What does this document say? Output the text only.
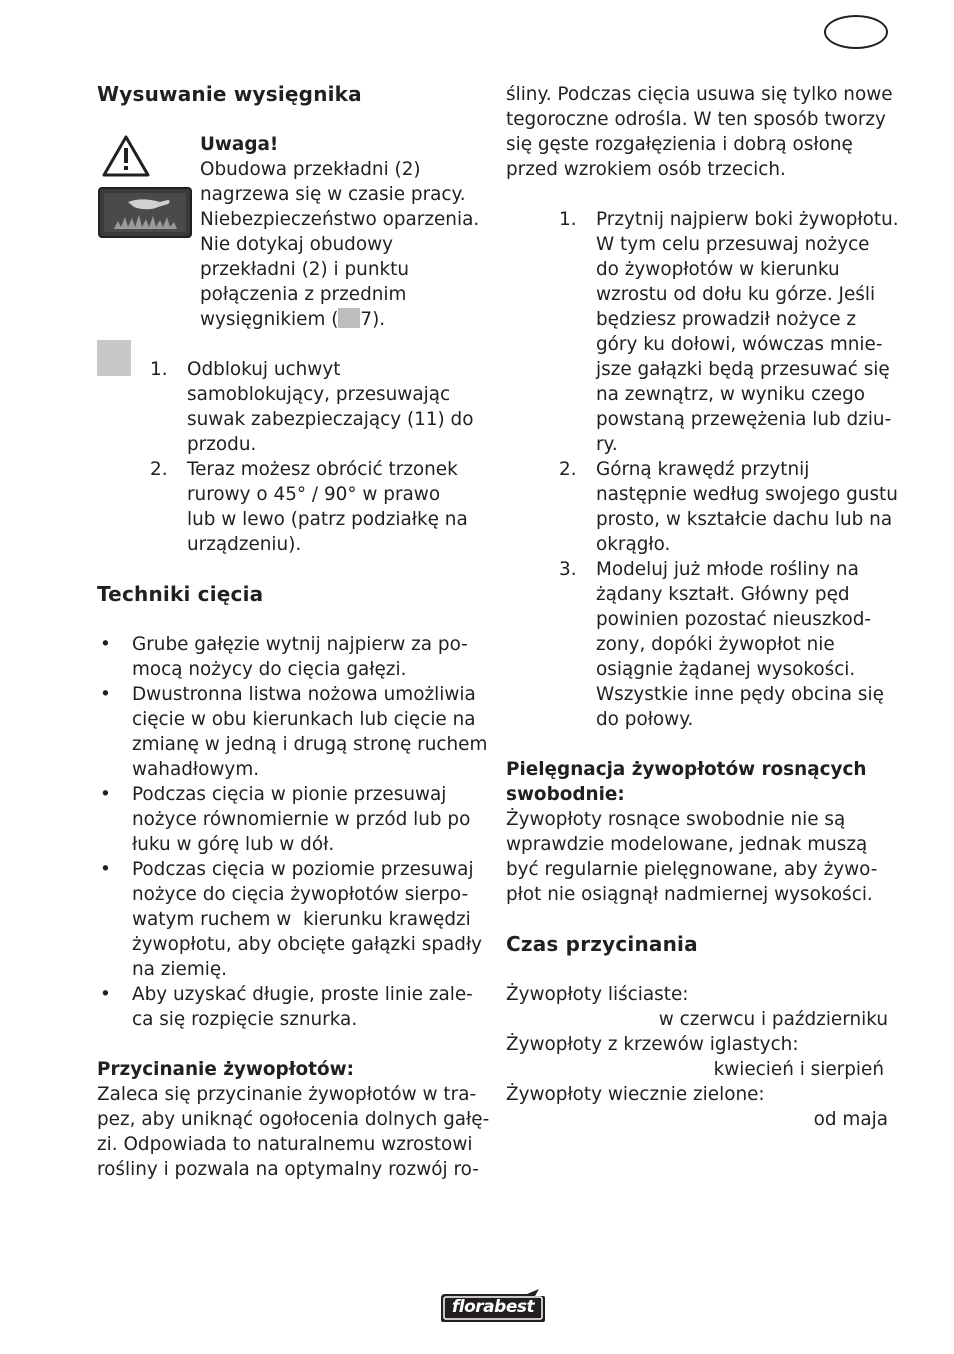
Wysuwanie wysięgnika
Uwaga!
Obudowa przekładni (2)
nagrzewa się w czasie pracy.
Niebezpieczeństwo oparzenia.
Nie dotykaj obudowy
przekładni (2) i punktu
połączenia z przednim
wysięgnikiem ( 7).
1. Odblokuj uchwyt
samoblokujący, przesuwając
suwak zabezpieczający (11) do
przodu.
2. Teraz możesz obrócić trzonek
rurowy o 45° / 90° w prawo
lub w lewo (patrz podziałkę na
urządzeniu).
Techniki cięcia
• Grube gałęzie wytnij najpierw za po-
mocą nożycy do cięcia gałęzi.
• Dwustronna listwa nożowa umożliwia
cięcie w obu kierunkach lub cięcie na
zmianę w jedną i drugą stronę ruchem
wahadłowym.
• Podczas cięcia w pionie przesuwaj
nożyce równomiernie w przód lub po
łuku w górę lub w dół.
• Podczas cięcia w poziomie przesuwaj
nożyce do cięcia żywopłotów sierpo-
watym ruchem w  kierunku krawędzi
żywopłotu, aby obcięte gałązki spadły
na ziemię.
• Aby uzyskać długie, proste linie zale-
ca się rozpięcie sznurka.
Przycinanie żywopłotów:
Zaleca się przycinanie żywopłotów w tra-
pez, aby uniknąć ogołocenia dolnych gałę-
zi. Odpowiada to naturalnemu wzrostowi
rośliny i pozwala na optymalny rozwój ro-
śliny. Podczas cięcia usuwa się tylko nowe
tegoroczne odrośla. W ten sposób tworzy
się gęste rozgałęzienia i dobrą osłonę
przed wzrokiem osób trzecich.
1. Przytnij najpierw boki żywopłotu.
W tym celu przesuwaj nożyce
do żywopłotów w kierunku
wzrostu od dołu ku górze. Jeśli
będziesz prowadził nożyce z
góry ku dołowi, wówczas mnie-
jsze gałązki będą przesuwać się
na zewnątrz, w wyniku czego
powstaną przewężenia lub dziu-
ry.
2. Górną krawędź przytnij
następnie według swojego gustu
prosto, w kształcie dachu lub na
okrągło.
3. Modeluj już młode rośliny na
żądany kształt. Główny pęd
powinien pozostać nieuszkod-
zony, dopóki żywopłot nie
osiągnie żądanej wysokości.
Wszystkie inne pędy obcina się
do połowy.
Pielęgnacja żywopłotów rosnących
swobodnie:
Żywopłoty rosnące swobodnie nie są
wprawdzie modelowane, jednak muszą
być regularnie pielęgnowane, aby żywo-
płot nie osiągnął nadmiernej wysokości.
Czas przycinania
Żywopłoty liściaste:
w czerwcu i październiku
Żywopłoty z krzewów iglastych:
kwiecień i sierpień
Żywopłoty wiecznie zielone:
od maja
florabest
